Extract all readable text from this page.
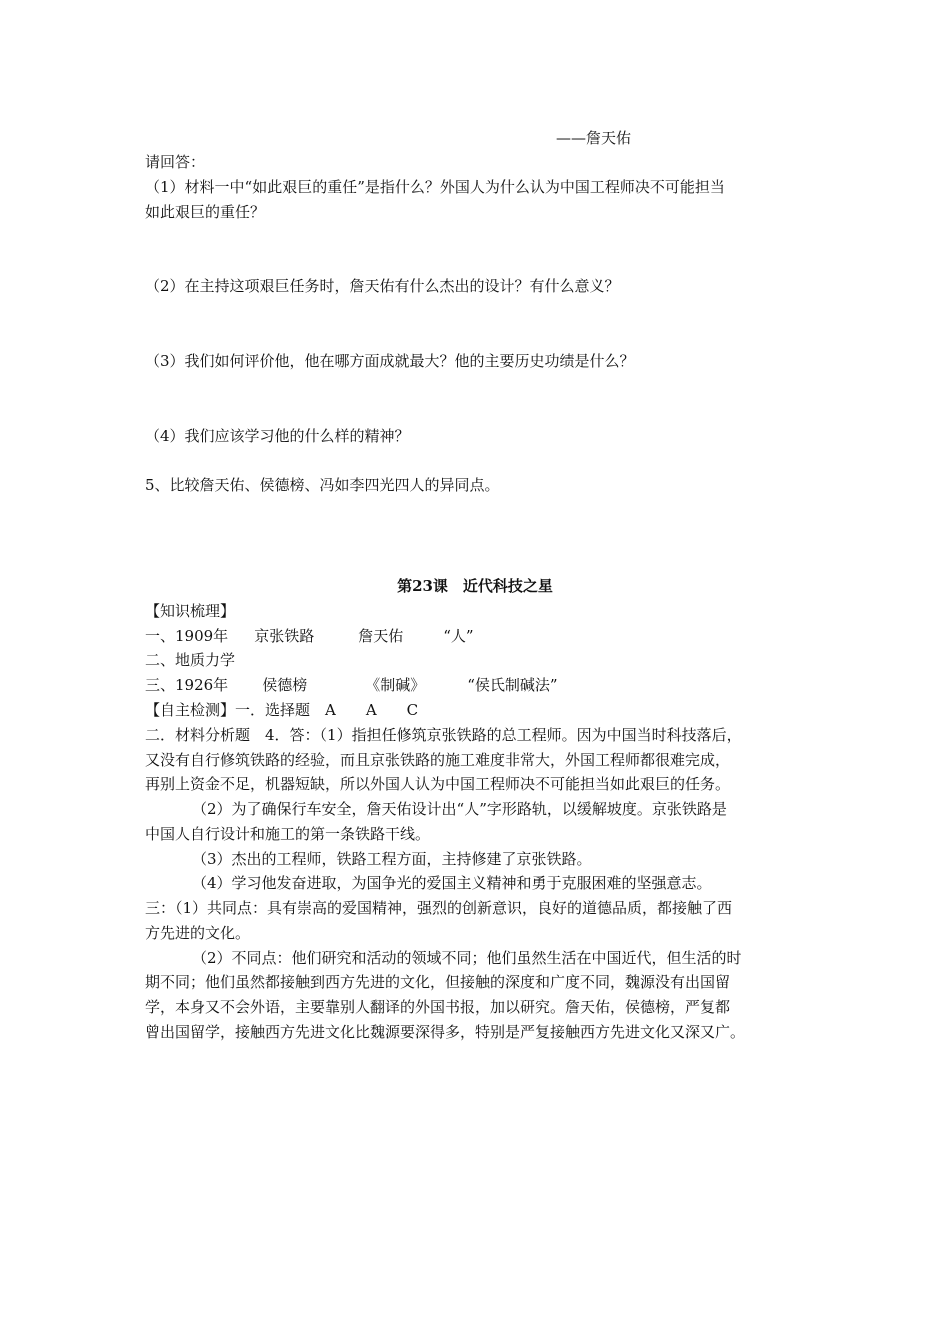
——詹天佑
请回答：
（1）材料一中“如此艰巨的重任”是指什么？外国人为什么认为中国工程师决不可能担当
如此艰巨的重任？
（2）在主持这项艰巨任务时，詹天佑有什么杰出的设计？有什么意义？
（3）我们如何评价他，他在哪方面成就最大？他的主要历史功绩是什么？
（4）我们应该学习他的什么样的精神？
5、比较詹天佑、侯德榜、冯如李四光四人的异同点。
第23课　近代科技之星
【知识梳理】
一、1909年 京张铁路	詹天佑	“人”
二、地质力学
三、1926年 侯德榜	《制碱》	“侯氏制碱法”
【自主检测】一．选择题　A　　A　　C
二．材料分析题　4．答：（1）指担任修筑京张铁路的总工程师。因为中国当时科技落后，
又没有自行修筑铁路的经验，而且京张铁路的施工难度非常大，外国工程师都很难完成，
再别上资金不足，机器短缺，所以外国人认为中国工程师决不可能担当如此艰巨的任务。
（2）为了确保行车安全，詹天佑设计出“人”字形路轨，以缓解坡度。京张铁路是
中国人自行设计和施工的第一条铁路干线。
（3）杰出的工程师，铁路工程方面，主持修建了京张铁路。
（4）学习他发奋进取，为国争光的爱国主义精神和勇于克服困难的坚强意志。
三：（1）共同点：具有崇高的爱国精神，强烈的创新意识，良好的道德品质，都接触了西
方先进的文化。
（2）不同点：他们研究和活动的领域不同；他们虽然生活在中国近代，但生活的时
期不同；他们虽然都接触到西方先进的文化，但接触的深度和广度不同，魏源没有出国留
学，本身又不会外语，主要靠别人翻译的外国书报，加以研究。詹天佑，侯德榜，严复都
曾出国留学，接触西方先进文化比魏源要深得多，特别是严复接触西方先进文化又深又广。
